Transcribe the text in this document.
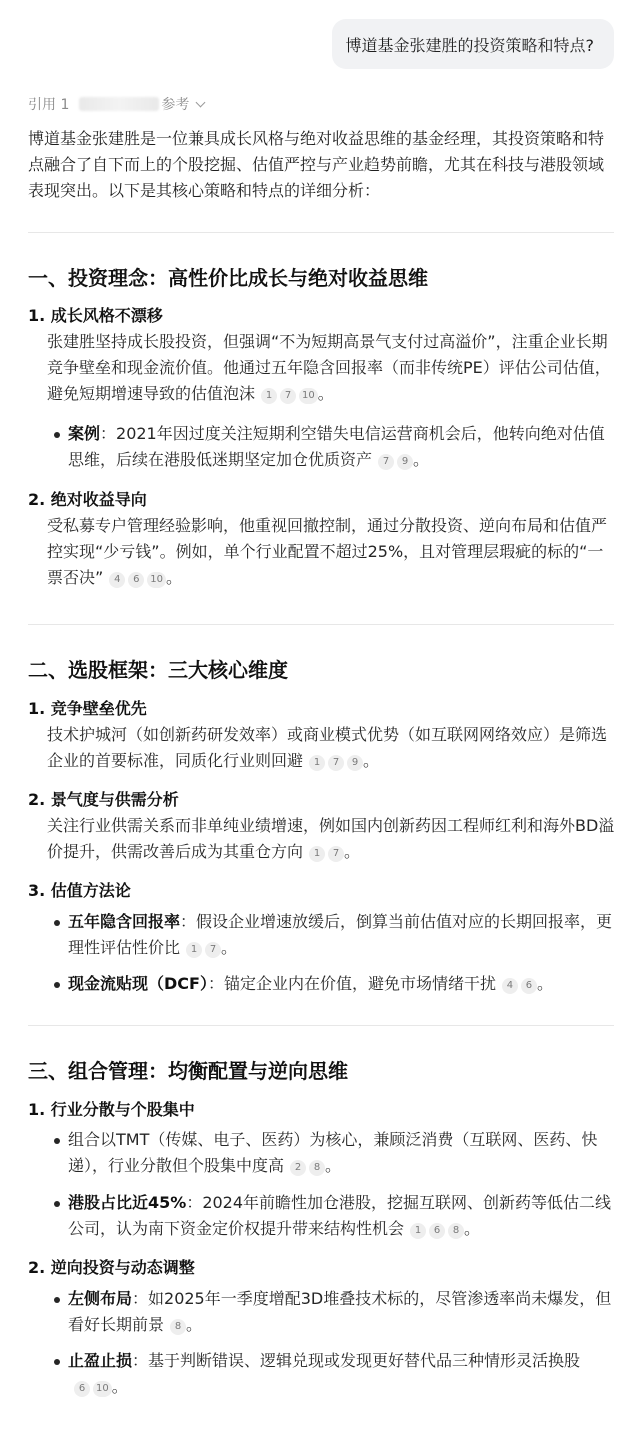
博道基金张建胜的投资策略和特点?
引用 1	参考
博道基金张建胜是一位兼具成长风格与绝对收益思维的基金经理，其投资策略和特点融合了自下而上的个股挖掘、估值严控与产业趋势前瞻，尤其在科技与港股领域表现突出。以下是其核心策略和特点的详细分析：
一、投资理念：高性价比成长与绝对收益思维
1. 成长风格不漂移
张建胜坚持成长股投资，但强调“不为短期高景气支付过高溢价”，注重企业长期竞争壁垒和现金流价值。他通过五年隐含回报率（而非传统PE）评估公司估值，避免短期增速导致的估值泡沫 1 7 10 。
案例：2021年因过度关注短期利空错失电信运营商机会后，他转向绝对估值思维，后续在港股低迷期坚定加仓优质资产 7 9 。
2. 绝对收益导向
受私募专户管理经验影响，他重视回撤控制，通过分散投资、逆向布局和估值严控实现“少亏钱”。例如，单个行业配置不超过25%，且对管理层瑕疵的标的“一票否决” 4 6 10 。
二、选股框架：三大核心维度
1. 竞争壁垒优先
技术护城河（如创新药研发效率）或商业模式优势（如互联网网络效应）是筛选企业的首要标准，同质化行业则回避 1 7 9 。
2. 景气度与供需分析
关注行业供需关系而非单纯业绩增速，例如国内创新药因工程师红利和海外BD溢价提升，供需改善后成为其重仓方向 1 7 。
3. 估值方法论
五年隐含回报率：假设企业增速放缓后，倒算当前估值对应的长期回报率，更理性评估性价比 1 7 。
现金流贴现（DCF）：锚定企业内在价值，避免市场情绪干扰 4 6 。
三、组合管理：均衡配置与逆向思维
1. 行业分散与个股集中
组合以TMT（传媒、电子、医药）为核心，兼顾泛消费（互联网、医药、快递），行业分散但个股集中度高 2 8 。
港股占比近45%：2024年前瞻性加仓港股，挖掘互联网、创新药等低估二线公司，认为南下资金定价权提升带来结构性机会 1 6 8 。
2. 逆向投资与动态调整
左侧布局：如2025年一季度增配3D堆叠技术标的，尽管渗透率尚未爆发，但看好长期前景 8 。
止盈止损：基于判断错误、逻辑兑现或发现更好替代品三种情形灵活换股6 10 。
